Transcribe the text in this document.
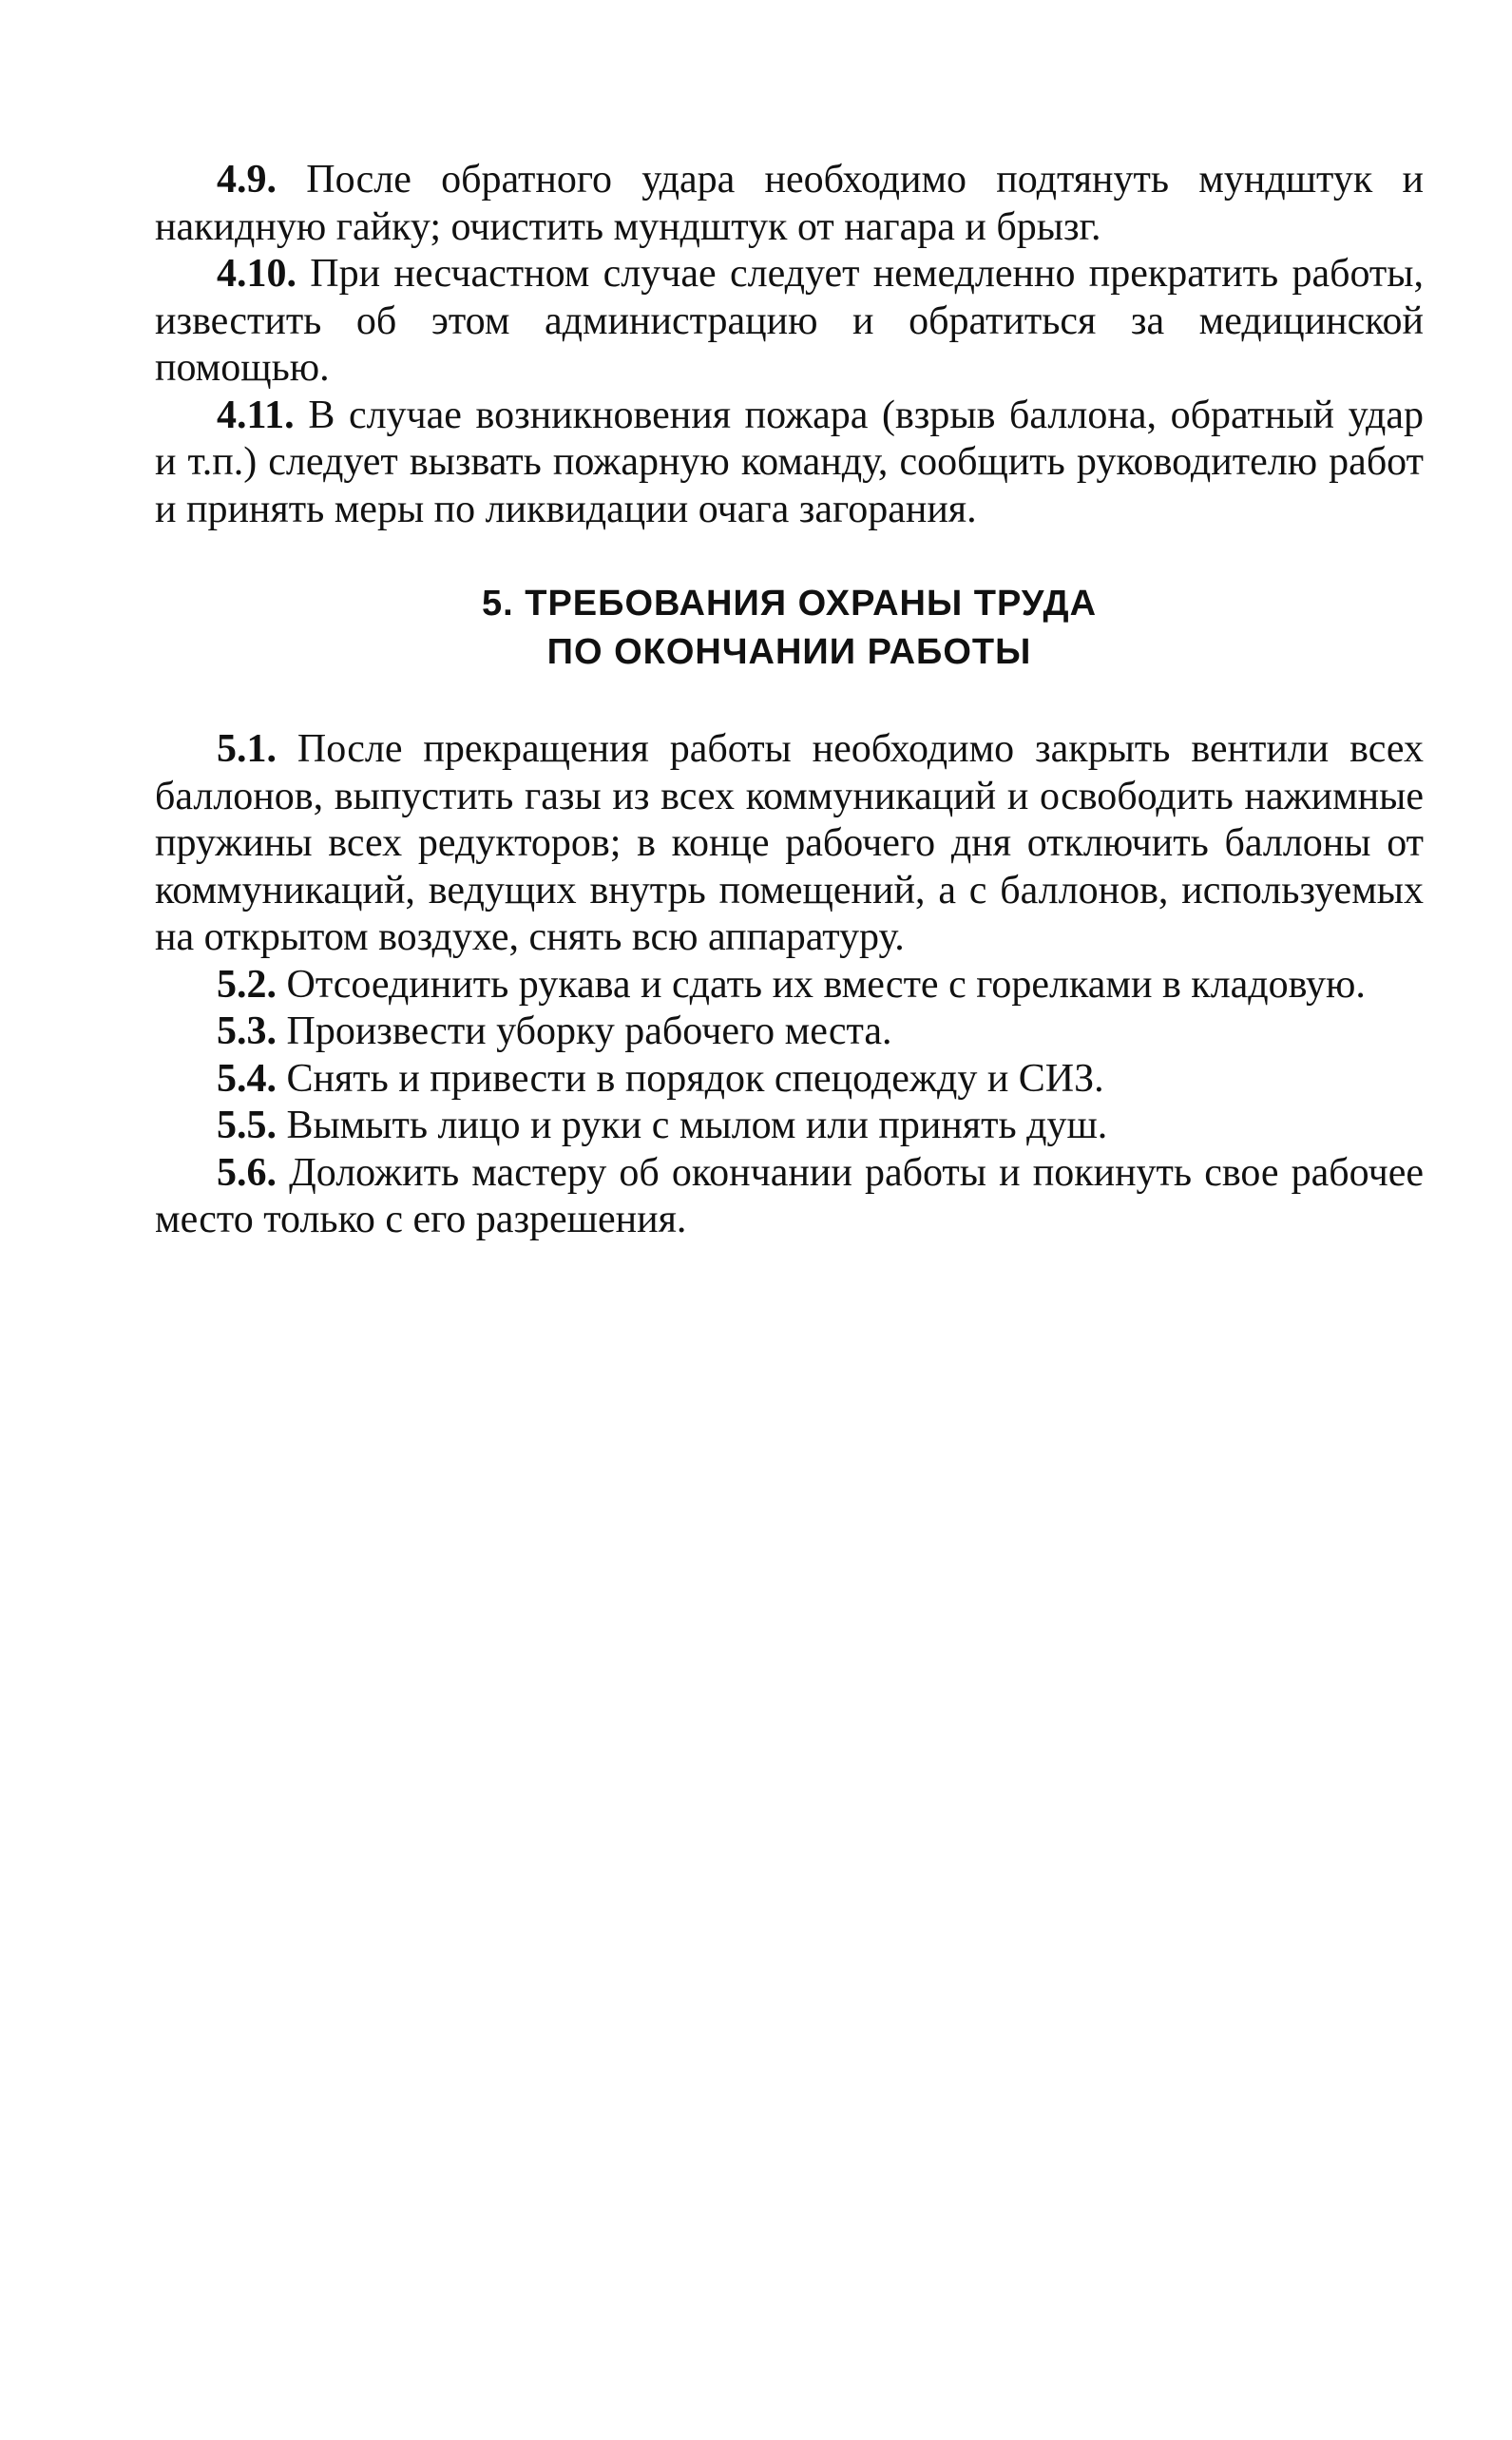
4.9. После обратного удара необходимо подтянуть мундштук и накидную гайку; очистить мундштук от нагара и брызг.

4.10. При несчастном случае следует немедленно прекратить работы, известить об этом администрацию и обратиться за медицинской помощью.

4.11. В случае возникновения пожара (взрыв баллона, обратный удар и т.п.) следует вызвать пожарную команду, сообщить руководителю работ и принять меры по ликвидации очага загорания.

5. ТРЕБОВАНИЯ ОХРАНЫ ТРУДА
ПО ОКОНЧАНИИ РАБОТЫ

5.1. После прекращения работы необходимо закрыть вентили всех баллонов, выпустить газы из всех коммуникаций и освободить нажимные пружины всех редукторов; в конце рабочего дня отключить баллоны от коммуникаций, ведущих внутрь помещений, а с баллонов, используемых на открытом воздухе, снять всю аппаратуру.

5.2. Отсоединить рукава и сдать их вместе с горелками в кладовую.

5.3. Произвести уборку рабочего места.

5.4. Снять и привести в порядок спецодежду и СИЗ.

5.5. Вымыть лицо и руки с мылом или принять душ.

5.6. Доложить мастеру об окончании работы и покинуть свое рабочее место только с его разрешения.
